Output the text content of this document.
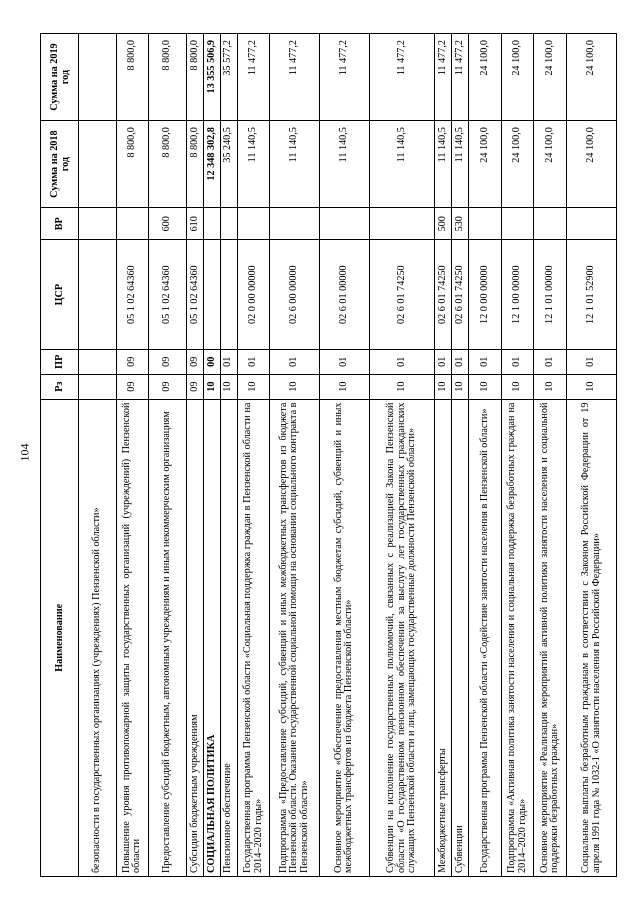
104
Наименование	Рз	ПР	ЦСР	ВР	Сумма на 2018 год	Сумма на 2019 год
безопасности в государственных организациях (учреждениях) Пензенской области»						
Повышение уровня противопожарной защиты государственных организаций (учреждений) Пензенской области	09	09	05 1 02 64360		8 800,0	8 800,0
Предоставление субсидий бюджетным, автономным учреждениям и иным некоммерческим организациям	09	09	05 1 02 64360	600	8 800,0	8 800,0
Субсидии бюджетным учреждениям	09	09	05 1 02 64360	610	8 800,0	8 800,0
СОЦИАЛЬНАЯ ПОЛИТИКА	10	00			12 348 302,8	13 355 506,9
Пенсионное обеспечение	10	01			35 240,5	35 577,2
Государственная программа Пензенской области «Социальная поддержка граждан в Пензенской области на 2014–2020 годы»	10	01	02 0 00 00000		11 140,5	11 477,2
Подпрограмма «Предоставление субсидий, субвенций и иных межбюджетных трансфертов из бюджета Пензенской области. Оказание государственной социальной помощи на основании социального контракта в Пензенской области»	10	01	02 6 00 00000		11 140,5	11 477,2
Основное мероприятие «Обеспечение предоставления местным бюджетам субсидий, субвенций и иных межбюджетных трансфертов из бюджета Пензенской области»	10	01	02 6 01 00000		11 140,5	11 477,2
Субвенции на исполнение государственных полномочий, связанных с реализацией Закона Пензенской области «О государственном пенсионном обеспечении за выслугу лет государственных гражданских служащих Пензенской области и лиц, замещающих государственные должности Пензенской области»	10	01	02 6 01 74250		11 140,5	11 477,2
Межбюджетные трансферты	10	01	02 6 01 74250	500	11 140,5	11 477,2
Субвенции	10	01	02 6 01 74250	530	11 140,5	11 477,2
Государственная программа Пензенской области «Содействие занятости населения в Пензенской области»	10	01	12 0 00 00000		24 100,0	24 100,0
Подпрограмма «Активная политика занятости населения и социальная поддержка безработных граждан на 2014–2020 годы»	10	01	12 1 00 00000		24 100,0	24 100,0
Основное мероприятие «Реализация мероприятий активной политики занятости населения и социальной поддержки безработных граждан»	10	01	12 1 01 00000		24 100,0	24 100,0
Социальные выплаты безработным гражданам в соответствии с Законом Российской Федерации от 19 апреля 1991 года № 1032-1 «О занятости населения в Российской Федерации»	10	01	12 1 01 52900		24 100,0	24 100,0
